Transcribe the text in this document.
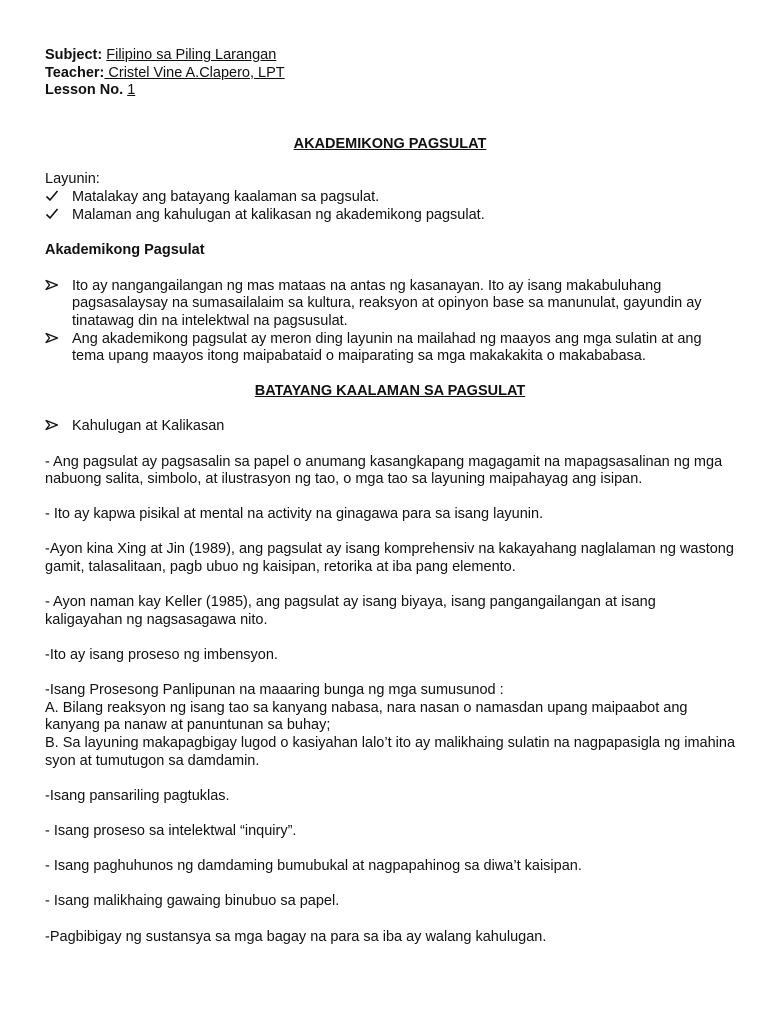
Subject: Filipino sa Piling Larangan
Teacher: Cristel Vine A.Clapero, LPT
Lesson No. 1
AKADEMIKONG PAGSULAT
Layunin:
Matalakay ang batayang kaalaman sa pagsulat.
Malaman ang kahulugan at kalikasan ng akademikong pagsulat.
Akademikong Pagsulat
Ito ay nangangailangan ng mas mataas na antas ng kasanayan. Ito ay isang makabuluhang pagsasalaysay na sumasailalaim sa kultura, reaksyon at opinyon base sa manunulat, gayundin ay tinatawag din na intelektwal na pagsusulat.
Ang akademikong pagsulat ay meron ding layunin na mailahad ng maayos ang mga sulatin at ang tema upang maayos itong maipabataid o maiparating sa mga makakakita o makababasa.
BATAYANG KAALAMAN SA PAGSULAT
Kahulugan at Kalikasan

- Ang pagsulat ay pagsasalin sa papel o anumang kasangkapang magagamit na mapagsasalinan ng mga nabuong salita, simbolo, at ilustrasyon ng tao, o mga tao sa layuning maipahayag ang isipan.

- Ito ay kapwa pisikal at mental na activity na ginagawa para sa isang layunin.

-Ayon kina Xing at Jin (1989), ang pagsulat ay isang komprehensiv na kakayahang naglalaman ng wastong gamit, talasalitaan, pagb ubuo ng kaisipan, retorika at iba pang elemento.

- Ayon naman kay Keller (1985), ang pagsulat ay isang biyaya, isang pangangailangan at isang kaligayahan ng nagsasagawa nito.

-Ito ay isang proseso ng imbensyon.

-Isang Prosesong Panlipunan na maaaring bunga ng mga sumusunod :

A. Bilang reaksyon ng isang tao sa kanyang nabasa, nara nasan o namasdan upang maipaabot ang kanyang pa nanaw at panuntunan sa buhay;

B. Sa layuning makapagbigay lugod o kasiyahan lalo’t ito ay malikhaing sulatin na nagpapasigla ng imahina syon at tumutugon sa damdamin.

-Isang pansariling pagtuklas.

- Isang proseso sa intelektwal “inquiry”.

- Isang paghuhunos ng damdaming bumubukal at nagpapahinog sa diwa’t kaisipan.

- Isang malikhaing gawaing binubuo sa papel.

-Pagbibigay ng sustansya sa mga bagay na para sa iba ay walang kahulugan.
